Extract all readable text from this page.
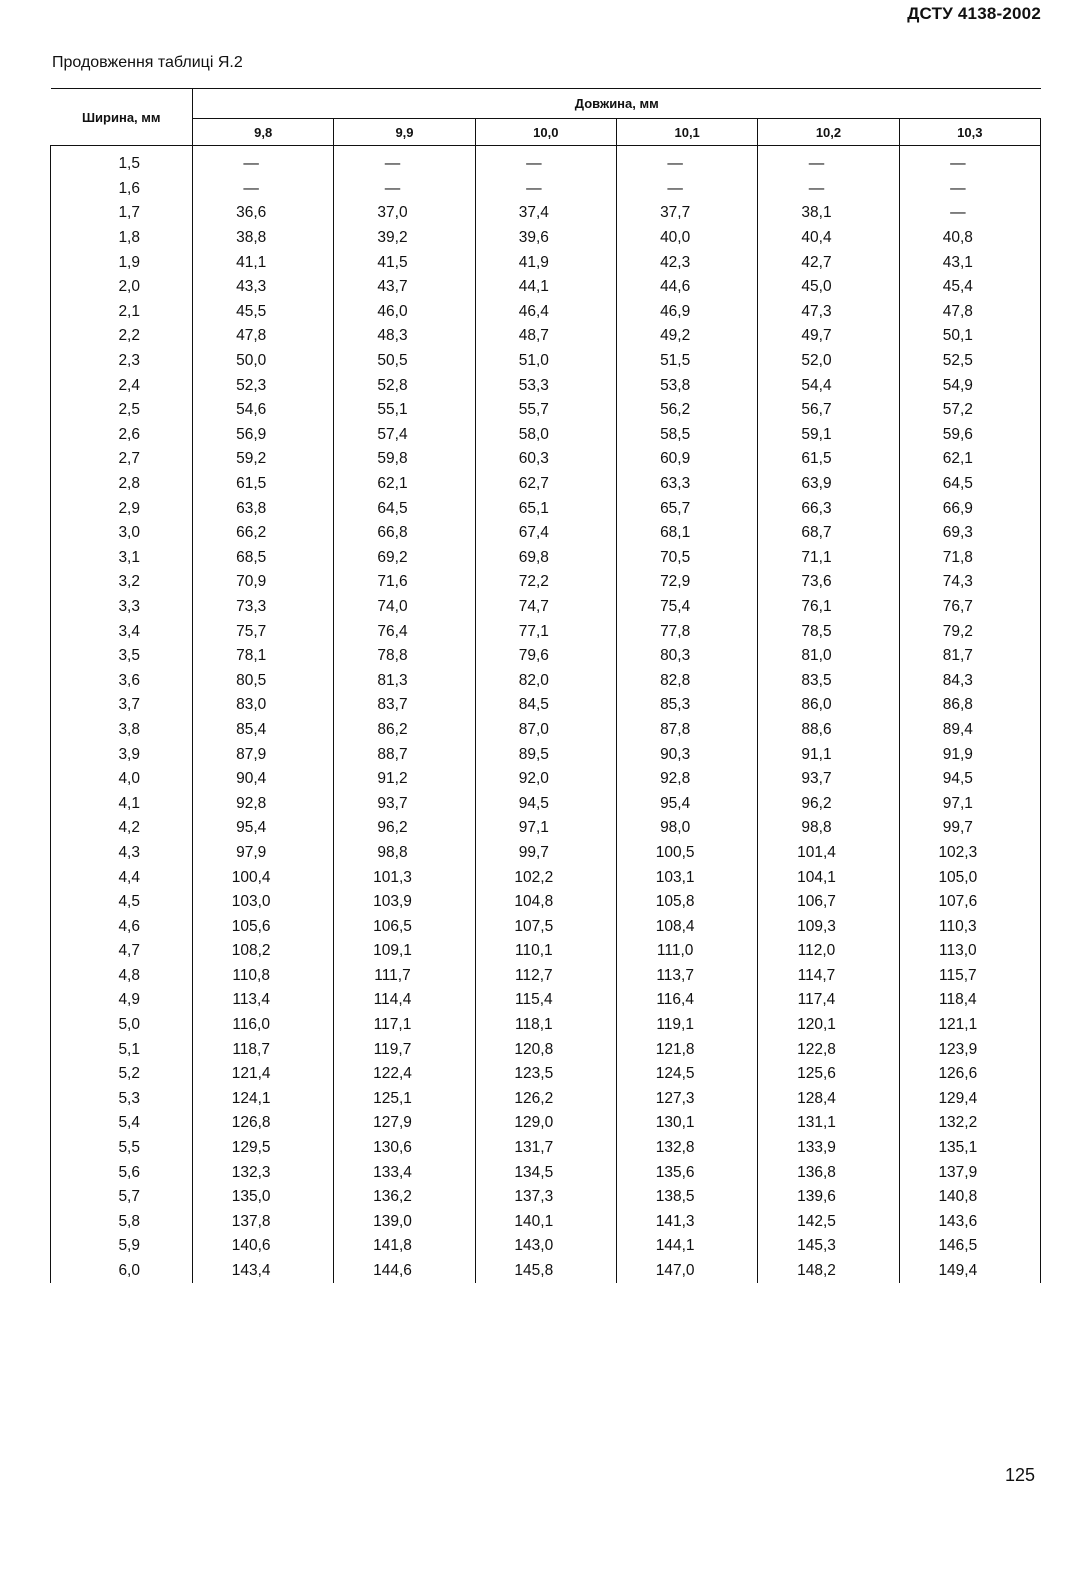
ДСТУ 4138-2002
Продовження таблиці Я.2
Ширина, мм	Довжина, мм					
	9,8	9,9	10,0	10,1	10,2	10,3
1,5	—	—	—	—	—	—
1,6	—	—	—	—	—	—
1,7	36,6	37,0	37,4	37,7	38,1	—
1,8	38,8	39,2	39,6	40,0	40,4	40,8
1,9	41,1	41,5	41,9	42,3	42,7	43,1
2,0	43,3	43,7	44,1	44,6	45,0	45,4
2,1	45,5	46,0	46,4	46,9	47,3	47,8
2,2	47,8	48,3	48,7	49,2	49,7	50,1
2,3	50,0	50,5	51,0	51,5	52,0	52,5
2,4	52,3	52,8	53,3	53,8	54,4	54,9
2,5	54,6	55,1	55,7	56,2	56,7	57,2
2,6	56,9	57,4	58,0	58,5	59,1	59,6
2,7	59,2	59,8	60,3	60,9	61,5	62,1
2,8	61,5	62,1	62,7	63,3	63,9	64,5
2,9	63,8	64,5	65,1	65,7	66,3	66,9
3,0	66,2	66,8	67,4	68,1	68,7	69,3
3,1	68,5	69,2	69,8	70,5	71,1	71,8
3,2	70,9	71,6	72,2	72,9	73,6	74,3
3,3	73,3	74,0	74,7	75,4	76,1	76,7
3,4	75,7	76,4	77,1	77,8	78,5	79,2
3,5	78,1	78,8	79,6	80,3	81,0	81,7
3,6	80,5	81,3	82,0	82,8	83,5	84,3
3,7	83,0	83,7	84,5	85,3	86,0	86,8
3,8	85,4	86,2	87,0	87,8	88,6	89,4
3,9	87,9	88,7	89,5	90,3	91,1	91,9
4,0	90,4	91,2	92,0	92,8	93,7	94,5
4,1	92,8	93,7	94,5	95,4	96,2	97,1
4,2	95,4	96,2	97,1	98,0	98,8	99,7
4,3	97,9	98,8	99,7	100,5	101,4	102,3
4,4	100,4	101,3	102,2	103,1	104,1	105,0
4,5	103,0	103,9	104,8	105,8	106,7	107,6
4,6	105,6	106,5	107,5	108,4	109,3	110,3
4,7	108,2	109,1	110,1	111,0	112,0	113,0
4,8	110,8	111,7	112,7	113,7	114,7	115,7
4,9	113,4	114,4	115,4	116,4	117,4	118,4
5,0	116,0	117,1	118,1	119,1	120,1	121,1
5,1	118,7	119,7	120,8	121,8	122,8	123,9
5,2	121,4	122,4	123,5	124,5	125,6	126,6
5,3	124,1	125,1	126,2	127,3	128,4	129,4
5,4	126,8	127,9	129,0	130,1	131,1	132,2
5,5	129,5	130,6	131,7	132,8	133,9	135,1
5,6	132,3	133,4	134,5	135,6	136,8	137,9
5,7	135,0	136,2	137,3	138,5	139,6	140,8
5,8	137,8	139,0	140,1	141,3	142,5	143,6
5,9	140,6	141,8	143,0	144,1	145,3	146,5
6,0	143,4	144,6	145,8	147,0	148,2	149,4
125
